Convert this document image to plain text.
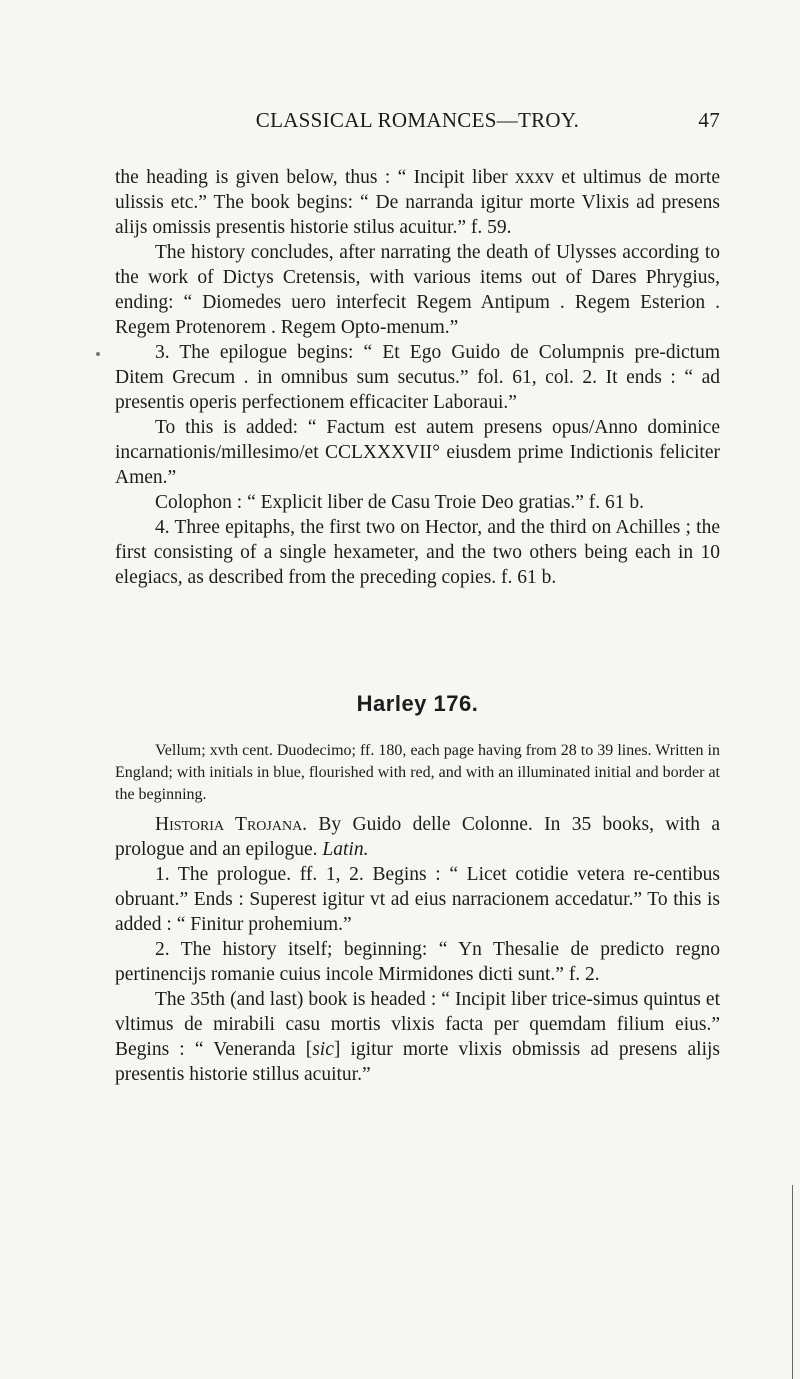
CLASSICAL ROMANCES—TROY.	47

the heading is given below, thus : “ Incipit liber xxxv et ultimus de morte ulissis etc.” The book begins: “ De narranda igitur morte Vlixis ad presens alijs omissis presentis historie stilus acuitur.” f. 59.

The history concludes, after narrating the death of Ulysses according to the work of Dictys Cretensis, with various items out of Dares Phrygius, ending: “ Diomedes uero interfecit Regem Antipum . Regem Esterion . Regem Protenorem . Regem Opto-menum.”

3. The epilogue begins: “ Et Ego Guido de Columpnis pre-dictum Ditem Grecum . in omnibus sum secutus.” fol. 61, col. 2. It ends : “ ad presentis operis perfectionem efficaciter Laboraui.”

To this is added: “ Factum est autem presens opus/Anno dominice incarnationis/millesimo/et CCLXXXVII° eiusdem prime Indictionis feliciter Amen.”

Colophon : “ Explicit liber de Casu Troie Deo gratias.” f. 61 b.

4. Three epitaphs, the first two on Hector, and the third on Achilles ; the first consisting of a single hexameter, and the two others being each in 10 elegiacs, as described from the preceding copies. f. 61 b.

Harley 176.

Vellum; xvth cent. Duodecimo; ff. 180, each page having from 28 to 39 lines. Written in England; with initials in blue, flourished with red, and with an illuminated initial and border at the beginning.

Historia Trojana. By Guido delle Colonne. In 35 books, with a prologue and an epilogue. Latin.

1. The prologue. ff. 1, 2. Begins : “ Licet cotidie vetera re-centibus obruant.” Ends : Superest igitur vt ad eius narracionem accedatur.” To this is added : “ Finitur prohemium.”

2. The history itself; beginning: “ Yn Thesalie de predicto regno pertinencijs romanie cuius incole Mirmidones dicti sunt.” f. 2.

The 35th (and last) book is headed : “ Incipit liber trice-simus quintus et vltimus de mirabili casu mortis vlixis facta per quemdam filium eius.” Begins : “ Veneranda [sic] igitur morte vlixis obmissis ad presens alijs presentis historie stillus acuitur.”
